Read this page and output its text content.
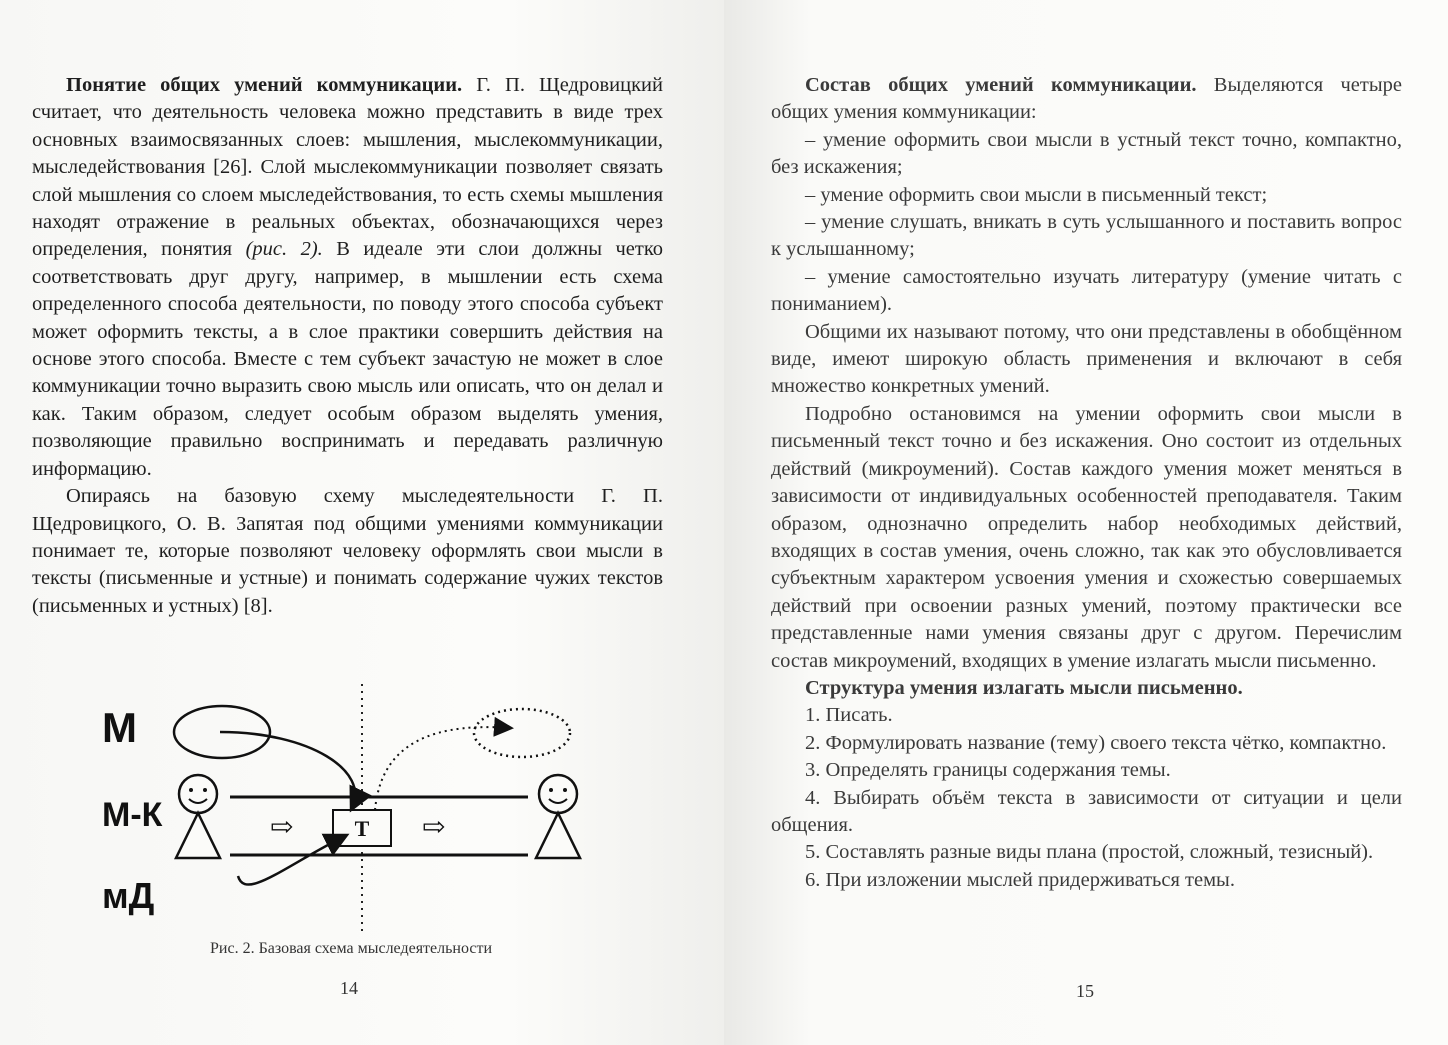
Понятие общих умений коммуникации. Г. П. Щедровицкий считает, что деятельность человека можно представить в виде трех основных взаимосвязанных слоев: мышления, мыслекоммуникации, мыследействования [26]. Слой мыслекоммуникации позволяет связать слой мышления со слоем мыследействования, то есть схемы мышления находят отражение в реальных объектах, обозначающихся через определения, понятия (рис. 2). В идеале эти слои должны четко соответствовать друг другу, например, в мышлении есть схема определенного способа деятельности, по поводу этого способа субъект может оформить тексты, а в слое практики совершить действия на основе этого способа. Вместе с тем субъект зачастую не может в слое коммуникации точно выразить свою мысль или описать, что он делал и как. Таким образом, следует особым образом выделять умения, позволяющие правильно воспринимать и передавать различную информацию.

Опираясь на базовую схему мыследеятельности Г. П. Щедровицкого, О. В. Запятая под общими умениями коммуникации понимает те, которые позволяют человеку оформлять свои мысли в тексты (письменные и устные) и понимать содержание чужих текстов (письменных и устных) [8].

М
М-К
мД
Т
⇨	⇨
Рис. 2. Базовая схема мыследеятельности
14

Состав общих умений коммуникации. Выделяются четыре общих умения коммуникации:

– умение оформить свои мысли в устный текст точно, компактно, без искажения;

– умение оформить свои мысли в письменный текст;

– умение слушать, вникать в суть услышанного и поставить вопрос к услышанному;

– умение самостоятельно изучать литературу (умение читать с пониманием).

Общими их называют потому, что они представлены в обобщённом виде, имеют широкую область применения и включают в себя множество конкретных умений.

Подробно остановимся на умении оформить свои мысли в письменный текст точно и без искажения. Оно состоит из отдельных действий (микроумений). Состав каждого умения может меняться в зависимости от индивидуальных особенностей преподавателя. Таким образом, однозначно определить набор необходимых действий, входящих в состав умения, очень сложно, так как это обусловливается субъектным характером усвоения умения и схожестью совершаемых действий при освоении разных умений, поэтому практически все представленные нами умения связаны друг с другом. Перечислим состав микроумений, входящих в умение излагать мысли письменно.

Структура умения излагать мысли письменно.

1. Писать.

2. Формулировать название (тему) своего текста чётко, компактно.

3. Определять границы содержания темы.

4. Выбирать объём текста в зависимости от ситуации и цели общения.

5. Составлять разные виды плана (простой, сложный, тезисный).

6. При изложении мыслей придерживаться темы.

15
